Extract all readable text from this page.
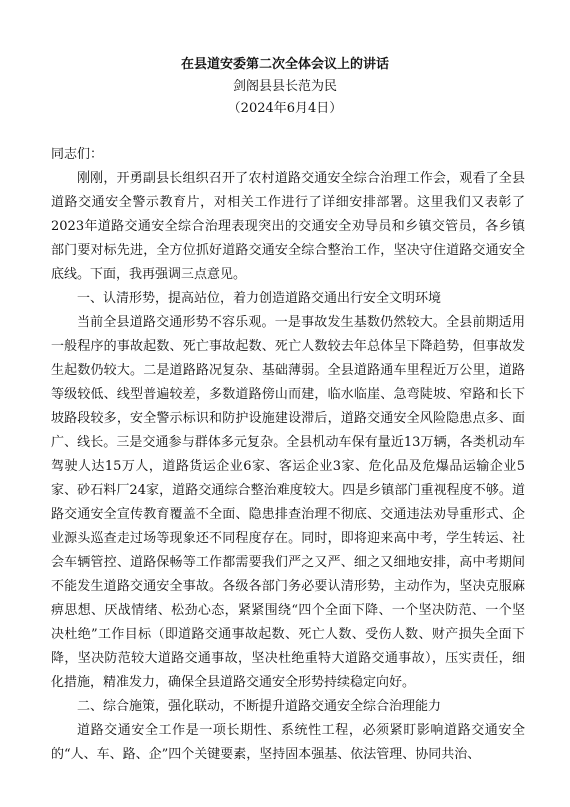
在县道安委第二次全体会议上的讲话
剑阁县县长范为民
（2024年6月4日）

同志们：

刚刚，开勇副县长组织召开了农村道路交通安全综合治理工作会，观看了全县道路交通安全警示教育片，对相关工作进行了详细安排部署。这里我们又表彰了2023年道路交通安全综合治理表现突出的交通安全劝导员和乡镇交管员，各乡镇部门要对标先进，全方位抓好道路交通安全综合整治工作，坚决守住道路交通安全底线。下面，我再强调三点意见。

一、认清形势，提高站位，着力创造道路交通出行安全文明环境

当前全县道路交通形势不容乐观。一是事故发生基数仍然较大。全县前期适用一般程序的事故起数、死亡事故起数、死亡人数较去年总体呈下降趋势，但事故发生起数仍较大。二是道路路况复杂、基础薄弱。全县道路通车里程近万公里，道路等级较低、线型普遍较差，多数道路傍山而建，临水临崖、急弯陡坡、窄路和长下坡路段较多，安全警示标识和防护设施建设滞后，道路交通安全风险隐患点多、面广、线长。三是交通参与群体多元复杂。全县机动车保有量近13万辆，各类机动车驾驶人达15万人，道路货运企业6家、客运企业3家、危化品及危爆品运输企业5家、砂石料厂24家，道路交通综合整治难度较大。四是乡镇部门重视程度不够。道路交通安全宣传教育覆盖不全面、隐患排查治理不彻底、交通违法劝导重形式、企业源头巡查走过场等现象还不同程度存在。同时，即将迎来高中考，学生转运、社会车辆管控、道路保畅等工作都需要我们严之又严、细之又细地安排，高中考期间不能发生道路交通安全事故。各级各部门务必要认清形势，主动作为，坚决克服麻痹思想、厌战情绪、松劲心态，紧紧围绕“四个全面下降、一个坚决防范、一个坚决杜绝”工作目标（即道路交通事故起数、死亡人数、受伤人数、财产损失全面下降，坚决防范较大道路交通事故，坚决杜绝重特大道路交通事故），压实责任，细化措施，精准发力，确保全县道路交通安全形势持续稳定向好。

二、综合施策，强化联动，不断提升道路交通安全综合治理能力

道路交通安全工作是一项长期性、系统性工程，必须紧盯影响道路交通安全的“人、车、路、企”四个关键要素，坚持固本强基、依法管理、协同共治、
